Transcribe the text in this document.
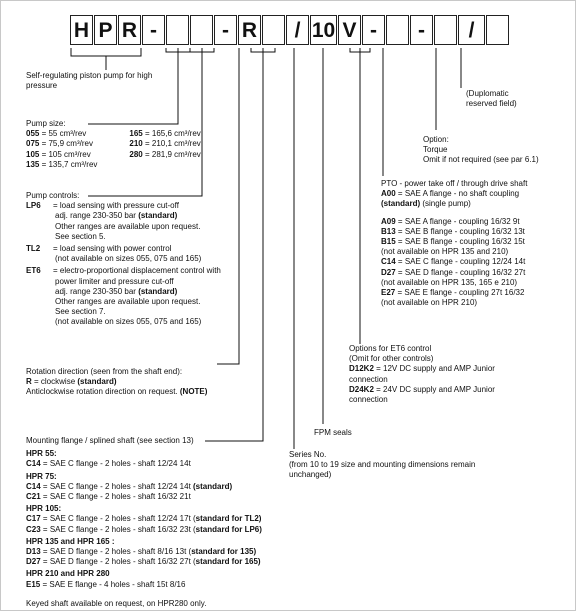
H P R -	- R	/ 10 V -	-	/
Self-regulating piston pump for high
pressure
Pump size:
055 = 55 cm³/rev		165 = 165,6 cm³/rev
075 = 75,9 cm³/rev		210 = 210,1 cm³/rev
105 = 105 cm³/rev		280 = 281,9 cm³/rev
135 = 135,7 cm³/rev		
Pump controls:
LP6	= load sensing with pressure cut-off
adj. range 230-350 bar (standard)
Other ranges are available upon request.
See section 5.
TL2	= load sensing with power control
(not available on sizes 055, 075 and 165)
ET6	= electro-proportional displacement control with
power limiter and pressure cut-off
adj. range 230-350 bar (standard)
Other ranges are available upon request.
See section 7.
(not available on sizes 055, 075 and 165)
Rotation direction (seen from the shaft end):
R = clockwise (standard)
Anticlockwise rotation direction on request. (NOTE)
Mounting flange / splined shaft (see section 13)
HPR 55:
C14 = SAE C flange - 2 holes - shaft 12/24 14t
HPR 75:
C14 = SAE C flange - 2 holes - shaft 12/24 14t (standard)
C21 = SAE C flange - 2 holes - shaft 16/32 21t
HPR 105:
C17 = SAE C flange - 2 holes - shaft 12/24 17t (standard for TL2)
C23 = SAE C flange - 2 holes - shaft 16/32 23t (standard for LP6)
HPR 135 and HPR 165 :
D13 = SAE D flange - 2 holes - shaft 8/16 13t (standard for 135)
D27 = SAE D flange - 2 holes - shaft 16/32 27t (standard for 165)
HPR 210 and HPR 280
E15 = SAE E flange - 4 holes - shaft 15t 8/16
Keyed shaft available on request, on HPR280 only.
FPM seals
Series No.
(from 10 to 19 size and mounting dimensions remain
unchanged)
Options for ET6 control
(Omit for other controls)
D12K2 = 12V DC supply and AMP Junior
connection
D24K2 = 24V DC supply and AMP Junior
connection
PTO - power take off / through drive shaft
A00 = SAE A flange - no shaft coupling
(standard) (single pump)
A09 = SAE A flange - coupling 16/32 9t
B13 = SAE B flange - coupling 16/32 13t
B15 = SAE B flange - coupling 16/32 15t
(not available on HPR 135 and 210)
C14 = SAE C flange - coupling 12/24 14t
D27 = SAE D flange - coupling 16/32 27t
(not available on HPR 135, 165 e 210)
E27 = SAE E flange - coupling 27t 16/32
(not available on HPR 210)
Option:
Torque
Omit if not required (see par 6.1)
(Duplomatic
reserved field)
